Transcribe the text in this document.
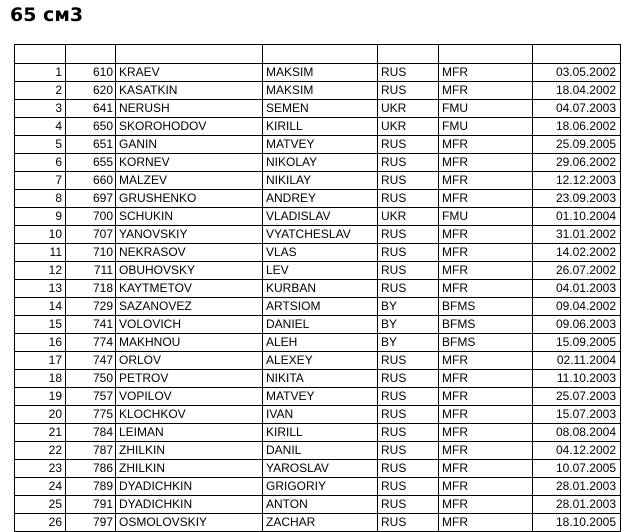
65 см3

1	610	KRAEV	MAKSIM	RUS	MFR	03.05.2002
2	620	KASATKIN	MAKSIM	RUS	MFR	18.04.2002
3	641	NERUSH	SEMEN	UKR	FMU	04.07.2003
4	650	SKOROHODOV	KIRILL	UKR	FMU	18.06.2002
5	651	GANIN	MATVEY	RUS	MFR	25.09.2005
6	655	KORNEV	NIKOLAY	RUS	MFR	29.06.2002
7	660	MALZEV	NIKILAY	RUS	MFR	12.12.2003
8	697	GRUSHENKO	ANDREY	RUS	MFR	23.09.2003
9	700	SCHUKIN	VLADISLAV	UKR	FMU	01.10.2004
10	707	YANOVSKIY	VYATCHESLAV	RUS	MFR	31.01.2002
11	710	NEKRASOV	VLAS	RUS	MFR	14.02.2002
12	711	OBUHOVSKY	LEV	RUS	MFR	26.07.2002
13	718	KAYTMETOV	KURBAN	RUS	MFR	04.01.2003
14	729	SAZANOVEZ	ARTSIOM	BY	BFMS	09.04.2002
15	741	VOLOVICH	DANIEL	BY	BFMS	09.06.2003
16	774	MAKHNOU	ALEH	BY	BFMS	15.09.2005
17	747	ORLOV	ALEXEY	RUS	MFR	02.11.2004
18	750	PETROV	NIKITA	RUS	MFR	11.10.2003
19	757	VOPILOV	MATVEY	RUS	MFR	25.07.2003
20	775	KLOCHKOV	IVAN	RUS	MFR	15.07.2003
21	784	LEIMAN	KIRILL	RUS	MFR	08.08.2004
22	787	ZHILKIN	DANIL	RUS	MFR	04.12.2002
23	786	ZHILKIN	YAROSLAV	RUS	MFR	10.07.2005
24	789	DYADICHKIN	GRIGORIY	RUS	MFR	28.01.2003
25	791	DYADICHKIN	ANTON	RUS	MFR	28.01.2003
26	797	OSMOLOVSKIY	ZACHAR	RUS	MFR	18.10.2005
